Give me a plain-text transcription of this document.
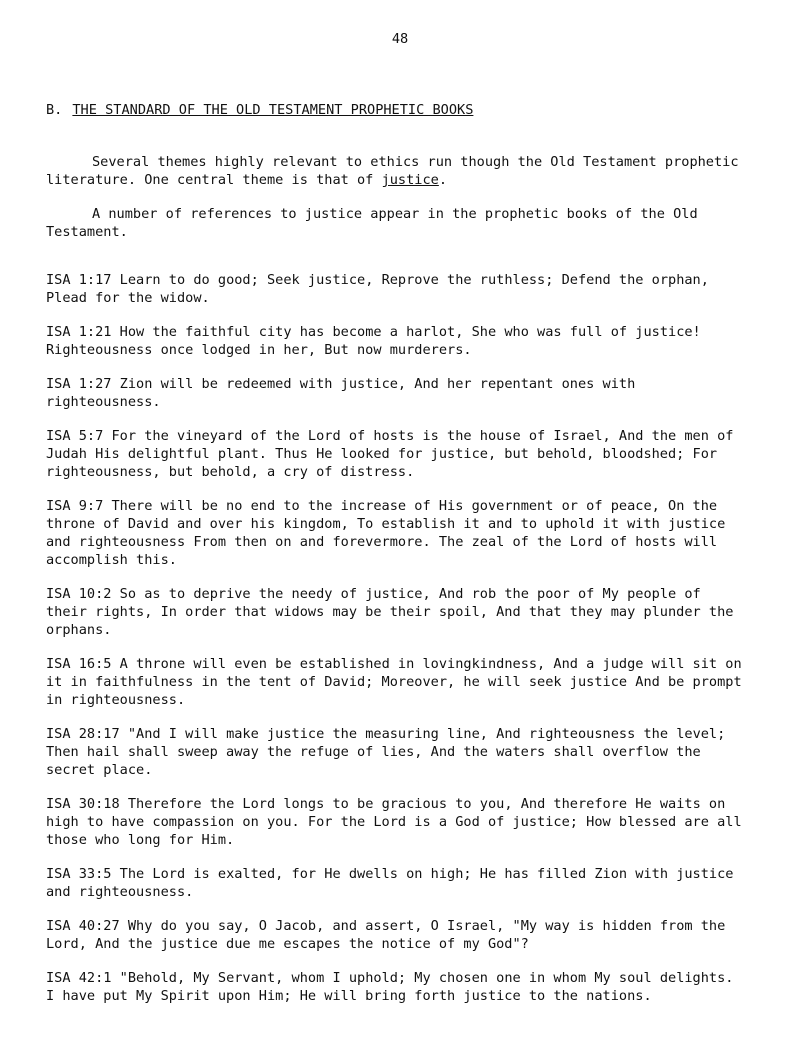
48
B. THE STANDARD OF THE OLD TESTAMENT PROPHETIC BOOKS

Several themes highly relevant to ethics run though the Old Testament prophetic literature. One central theme is that of justice.

A number of references to justice appear in the prophetic books of the Old Testament.

ISA 1:17 Learn to do good; Seek justice, Reprove the ruthless; Defend the orphan, Plead for the widow.

ISA 1:21 How the faithful city has become a harlot, She who was full of justice! Righteousness once lodged in her, But now murderers.

ISA 1:27 Zion will be redeemed with justice, And her repentant ones with righteousness.

ISA 5:7 For the vineyard of the Lord of hosts is the house of Israel, And the men of Judah His delightful plant. Thus He looked for justice, but behold, bloodshed; For righteousness, but behold, a cry of distress.

ISA 9:7 There will be no end to the increase of His government or of peace, On the throne of David and over his kingdom, To establish it and to uphold it with justice and righteousness From then on and forevermore. The zeal of the Lord of hosts will accomplish this.

ISA 10:2 So as to deprive the needy of justice, And rob the poor of My people of their rights, In order that widows may be their spoil, And that they may plunder the orphans.

ISA 16:5 A throne will even be established in lovingkindness, And a judge will sit on it in faithfulness in the tent of David; Moreover, he will seek justice And be prompt in righteousness.

ISA 28:17 "And I will make justice the measuring line, And righteousness the level; Then hail shall sweep away the refuge of lies, And the waters shall overflow the secret place.

ISA 30:18 Therefore the Lord longs to be gracious to you, And therefore He waits on high to have compassion on you. For the Lord is a God of justice; How blessed are all those who long for Him.

ISA 33:5 The Lord is exalted, for He dwells on high; He has filled Zion with justice and righteousness.

ISA 40:27 Why do you say, O Jacob, and assert, O Israel, "My way is hidden from the Lord, And the justice due me escapes the notice of my God"?

ISA 42:1 "Behold, My Servant, whom I uphold; My chosen one in whom My soul delights. I have put My Spirit upon Him; He will bring forth justice to the nations.
